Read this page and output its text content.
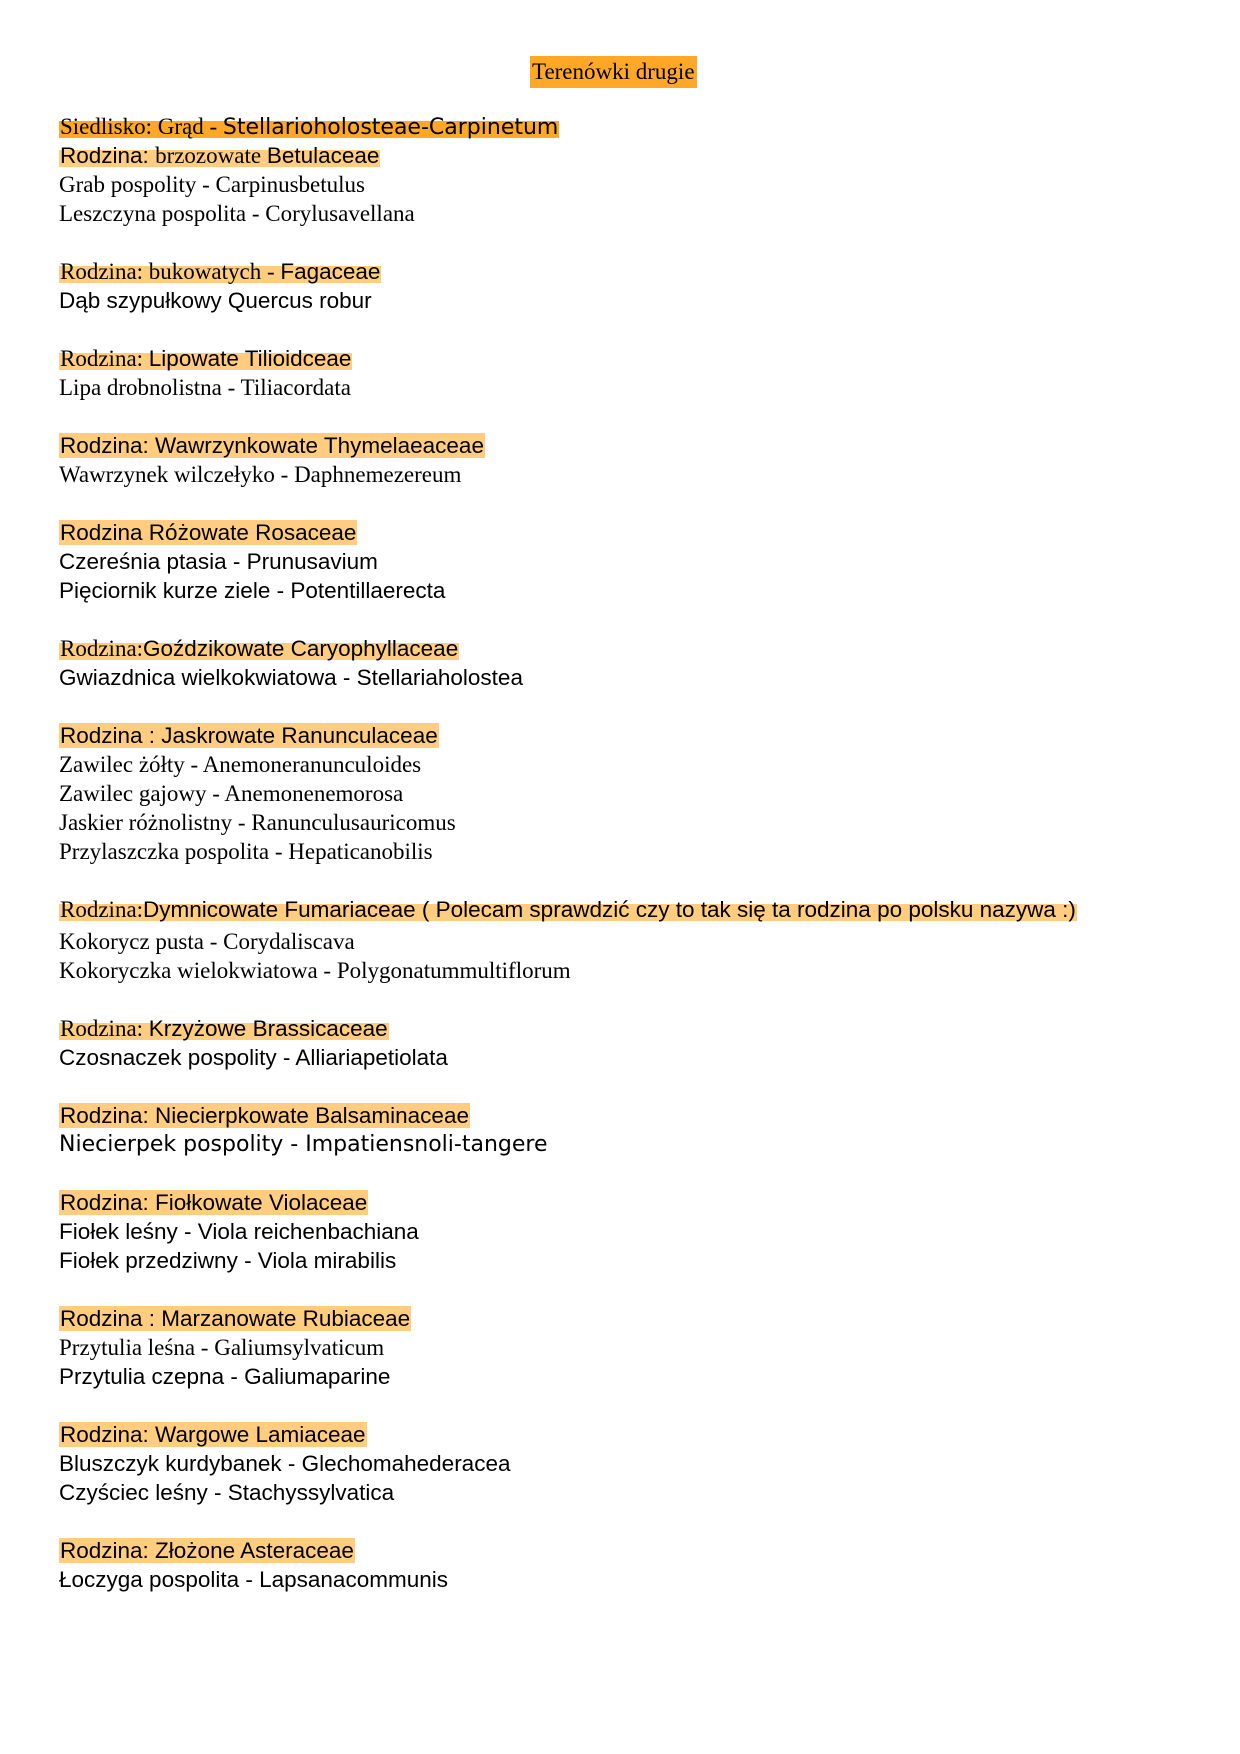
Terenówki drugie
Siedlisko: Grąd - Stellarioholosteae-Carpinetum
Rodzina: brzozowate Betulaceae
Grab pospolity - Carpinusbetulus
Leszczyna pospolita - Corylusavellana
Rodzina: bukowatych - Fagaceae
Dąb szypułkowy Quercus robur
Rodzina: Lipowate Tilioidceae
Lipa drobnolistna - Tiliacordata
Rodzina: Wawrzynkowate Thymelaeaceae
Wawrzynek wilczełyko - Daphnemezereum
Rodzina Różowate Rosaceae
Czereśnia ptasia - Prunusavium
Pięciornik kurze ziele - Potentillaerecta
Rodzina:Goździkowate Caryophyllaceae
Gwiazdnica wielkokwiatowa - Stellariaholostea
Rodzina : Jaskrowate Ranunculaceae
Zawilec żółty - Anemoneranunculoides
Zawilec gajowy - Anemonenemorosa
Jaskier różnolistny - Ranunculusauricomus
Przylaszczka pospolita - Hepaticanobilis
Rodzina:Dymnicowate Fumariaceae ( Polecam sprawdzić czy to tak się ta rodzina po polsku nazywa :)
Kokorycz pusta - Corydaliscava
Kokoryczka wielokwiatowa - Polygonatummultiflorum
Rodzina: Krzyżowe Brassicaceae
Czosnaczek pospolity - Alliariapetiolata
Rodzina: Niecierpkowate Balsaminaceae
Niecierpek pospolity - Impatiensnoli-tangere
Rodzina: Fiołkowate Violaceae
Fiołek leśny - Viola reichenbachiana
Fiołek przedziwny - Viola mirabilis
Rodzina : Marzanowate Rubiaceae
Przytulia leśna - Galiumsylvaticum
Przytulia czepna - Galiumaparine
Rodzina: Wargowe Lamiaceae
Bluszczyk kurdybanek - Glechomahederacea
Czyściec leśny - Stachyssylvatica
Rodzina: Złożone Asteraceae
Łoczyga pospolita - Lapsanacommunis
